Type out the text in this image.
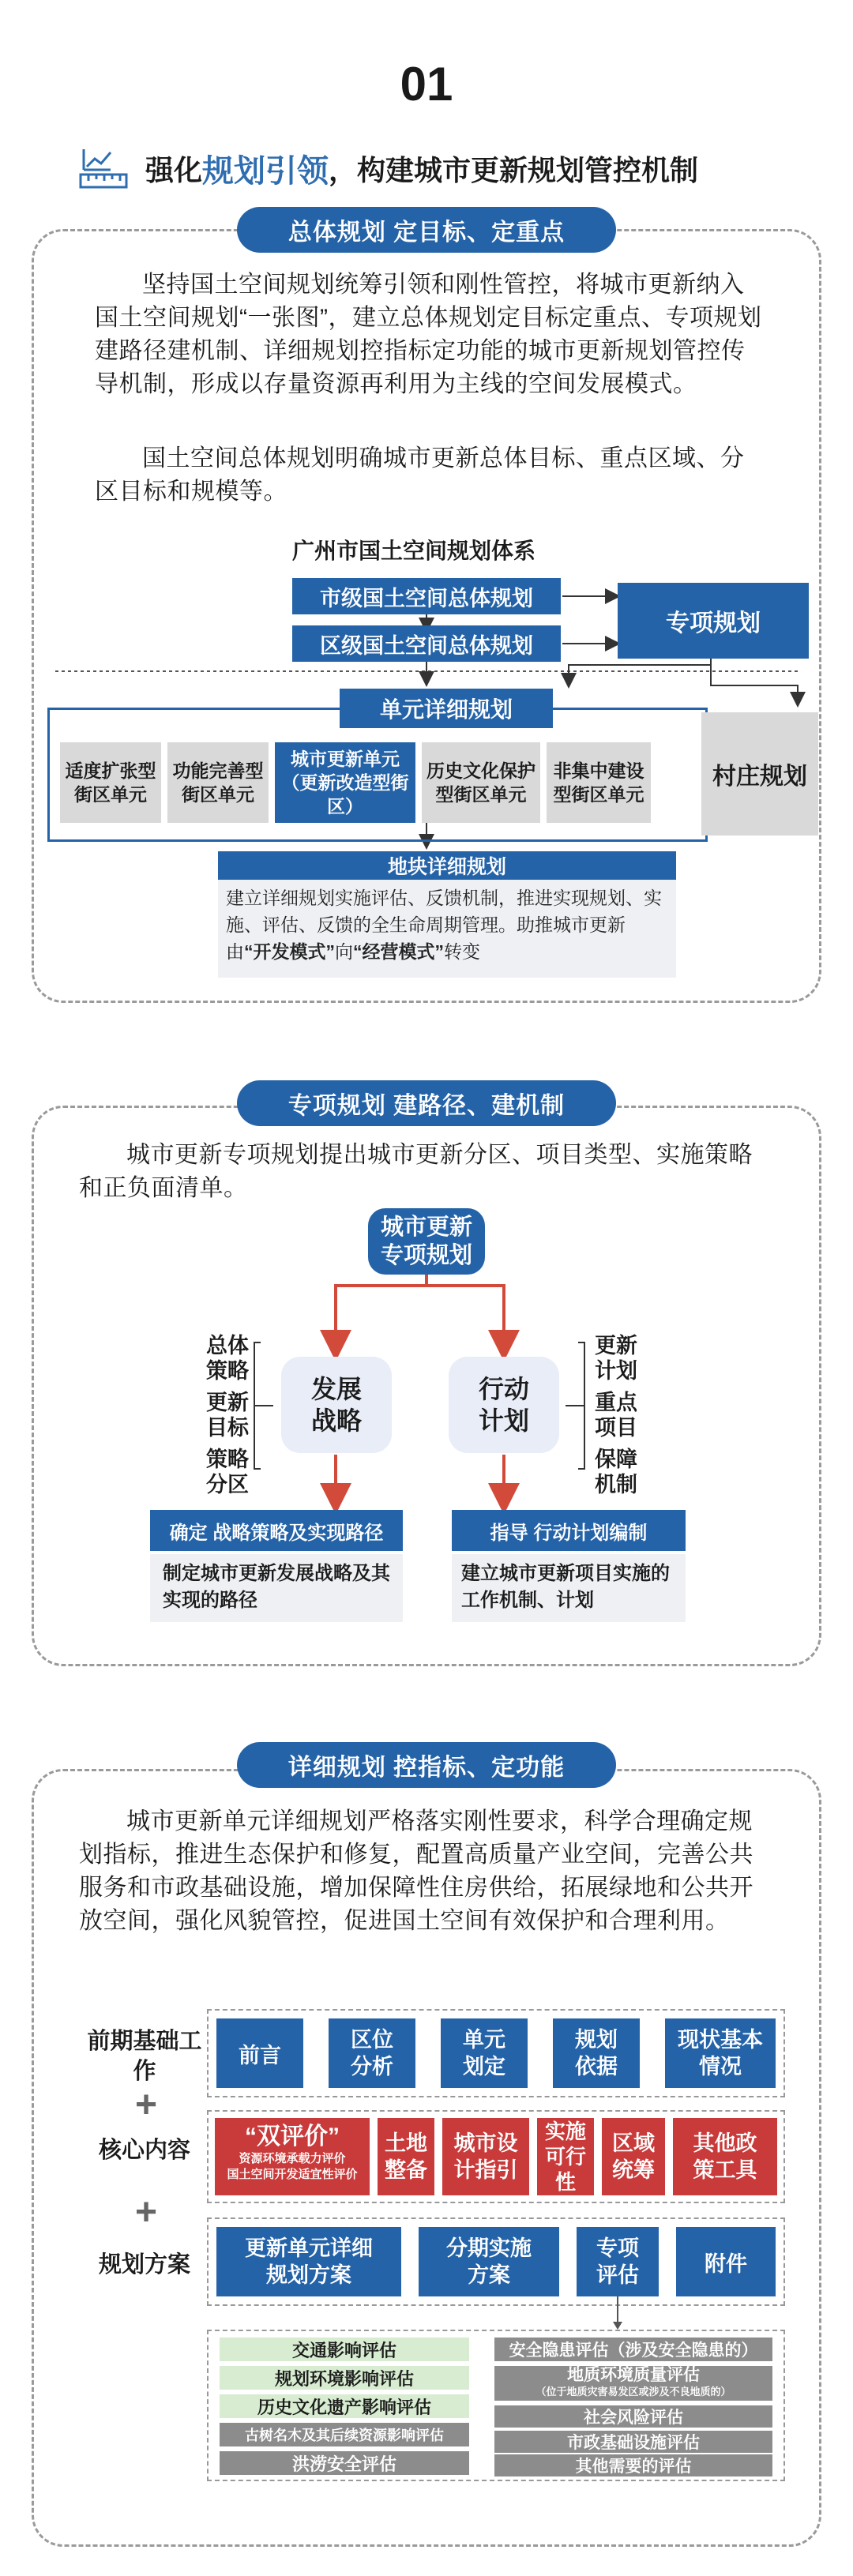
01
强化 规划引领 ，构建城市更新规划管控机制
总体规划 定目标、定重点
坚持国土空间规划统筹引领和刚性管控，将城市更新纳入国土空间规划“一张图”，建立总体规划定目标定重点、专项规划建路径建机制、详细规划控指标定功能的城市更新规划管控传导机制，形成以存量资源再利用为主线的空间发展模式。
国土空间总体规划明确城市更新总体目标、重点区域、分区目标和规模等。
广州市国土空间规划体系
市级国土空间总体规划
区级国土空间总体规划
专项规划
单元详细规划
村庄规划
适度扩张型街区单元
功能完善型街区单元
城市更新单元（更新改造型街区）
历史文化保护型街区单元
非集中建设型街区单元
地块详细规划
建立详细规划实施评估、反馈机制，推进实现规划、实施、评估、反馈的全生命周期管理。助推城市更新由“开发模式”向“经营模式”转变
专项规划 建路径、建机制
城市更新专项规划提出城市更新分区、项目类型、实施策略和正负面清单。
城市更新专项规划
发展战略
行动计划
总体策略
更新目标
策略分区
更新计划
重点项目
保障机制
确定 战略策略及实现路径	指导 行动计划编制
制定城市更新发展战略及其实现的路径
建立城市更新项目实施的工作机制、计划
详细规划 控指标、定功能
城市更新单元详细规划严格落实刚性要求，科学合理确定规划指标，推进生态保护和修复，配置高质量产业空间，完善公共服务和市政基础设施，增加保障性住房供给，拓展绿地和公共开放空间，强化风貌管控，促进国土空间有效保护和合理利用。
前期基础工作
+
核心内容
+
规划方案
前言
区位分析
单元划定
规划依据
现状基本情况
“双评价”
资源环境承载力评价
国土空间开发适宜性评价
土地整备
城市设计指引
实施可行性
区域统筹
其他政策工具
更新单元详细规划方案
分期实施方案
专项评估	附件
交通影响评估
规划环境影响评估
历史文化遗产影响评估
古树名木及其后续资源影响评估
洪涝安全评估
安全隐患评估（涉及安全隐患的）
地质环境质量评估
（位于地质灾害易发区或涉及不良地质的）
社会风险评估
市政基础设施评估
其他需要的评估
